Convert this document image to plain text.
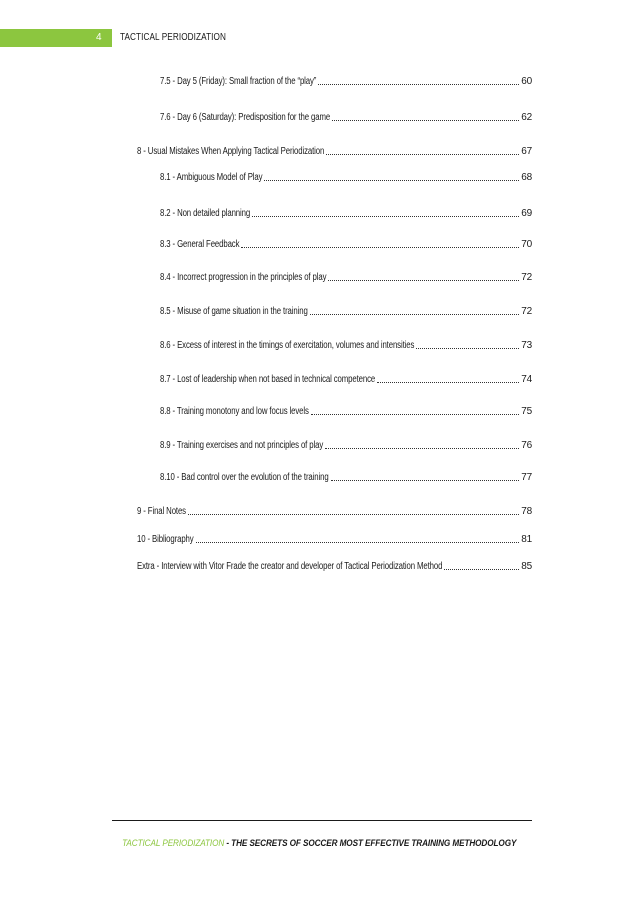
4 TACTICAL PERIODIZATION
7.5 - Day 5 (Friday): Small fraction of the “play”	60
7.6 - Day 6 (Saturday): Predisposition for the game	62
8 - Usual Mistakes When Applying Tactical Periodization	67
8.1 - Ambiguous Model of Play	68
8.2 - Non detailed planning	69
8.3 - General Feedback	70
8.4 - Incorrect progression in the principles of play	72
8.5 - Misuse of game situation in the training	72
8.6 - Excess of interest in the timings of exercitation, volumes and intensities	73
8.7 - Lost of leadership when not based in technical competence	74
8.8 - Training monotony and low focus levels	75
8.9 - Training exercises and not principles of play	76
8.10 - Bad control over the evolution of the training	77
9 - Final Notes	78
10 - Bibliography	81
Extra - Interview with Vitor Frade the creator and developer of Tactical Periodization Method	85
TACTICAL PERIODIZATION - THE SECRETS OF SOCCER MOST EFFECTIVE TRAINING METHODOLOGY
